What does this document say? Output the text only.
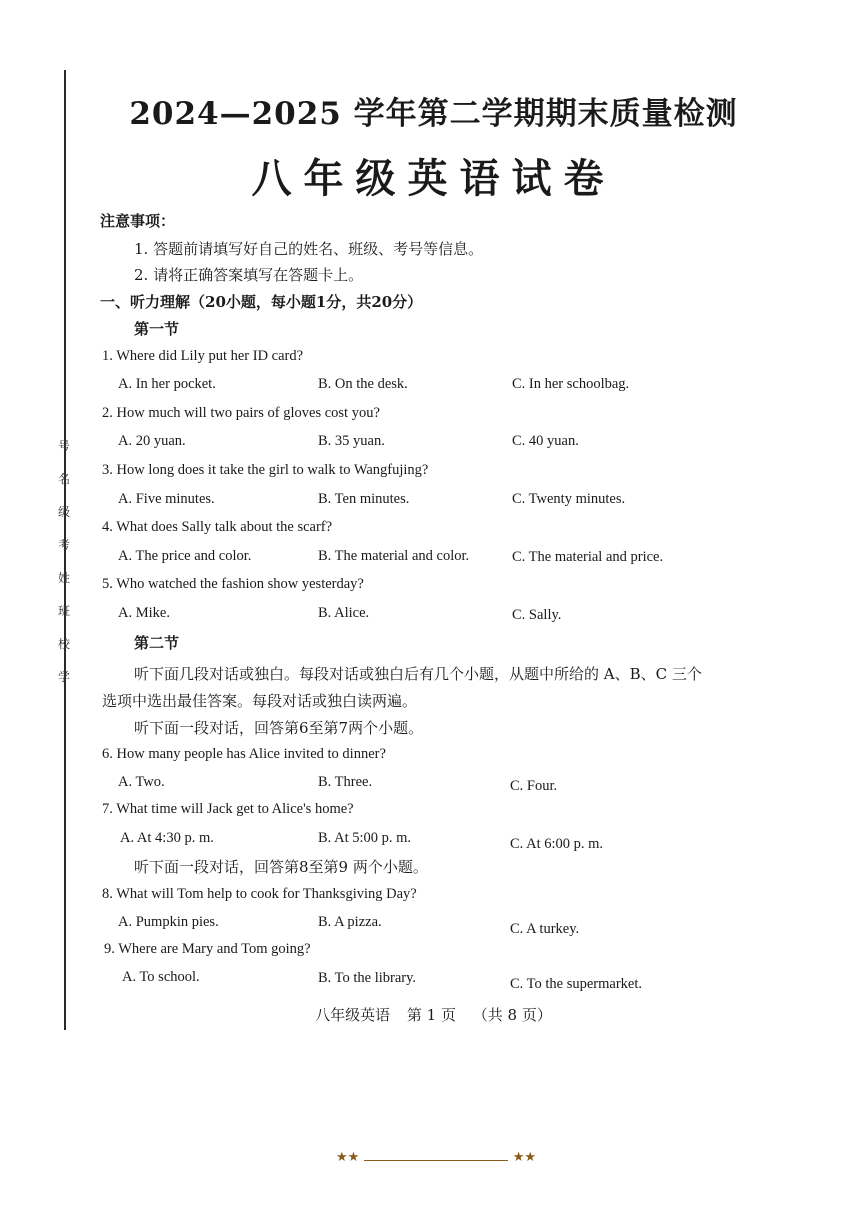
号
名
级
考
姓
班
校
学
2024—2025 学年第二学期期末质量检测
八年级英语试卷
注意事项：
1. 答题前请填写好自己的姓名、班级、考号等信息。
2. 请将正确答案填写在答题卡上。
一、听力理解（20小题，每小题1分，共20分）
第一节
1. Where did Lily put her ID card?
A. In her pocket.	B. On the desk.	C. In her schoolbag.
2. How much will two pairs of gloves cost you?
A. 20 yuan.	B. 35 yuan.	C. 40 yuan.
3. How long does it take the girl to walk to Wangfujing?
A. Five minutes.	B. Ten minutes.	C. Twenty minutes.
4. What does Sally talk about the scarf?
A. The price and color.	B. The material and color.	C. The material and price.
5. Who watched the fashion show yesterday?
A. Mike.	B. Alice.	C. Sally.
第二节
听下面几段对话或独白。每段对话或独白后有几个小题，从题中所给的 A、B、C 三个
选项中选出最佳答案。每段对话或独白读两遍。
听下面一段对话，回答第6至第7两个小题。
6. How many people has Alice invited to dinner?
A. Two.	B. Three.	C. Four.
7. What time will Jack get to Alice's home?
A. At 4:30 p. m.	B. At 5:00 p. m.	C. At 6:00 p. m.
听下面一段对话，回答第8至第9 两个小题。
8. What will Tom help to cook for Thanksgiving Day?
A. Pumpkin pies.	B. A pizza.	C. A turkey.
9. Where are Mary and Tom going?
A. To school.	B. To the library.	C. To the supermarket.
八年级英语 第 1 页 （共 8 页）
★★	★★
